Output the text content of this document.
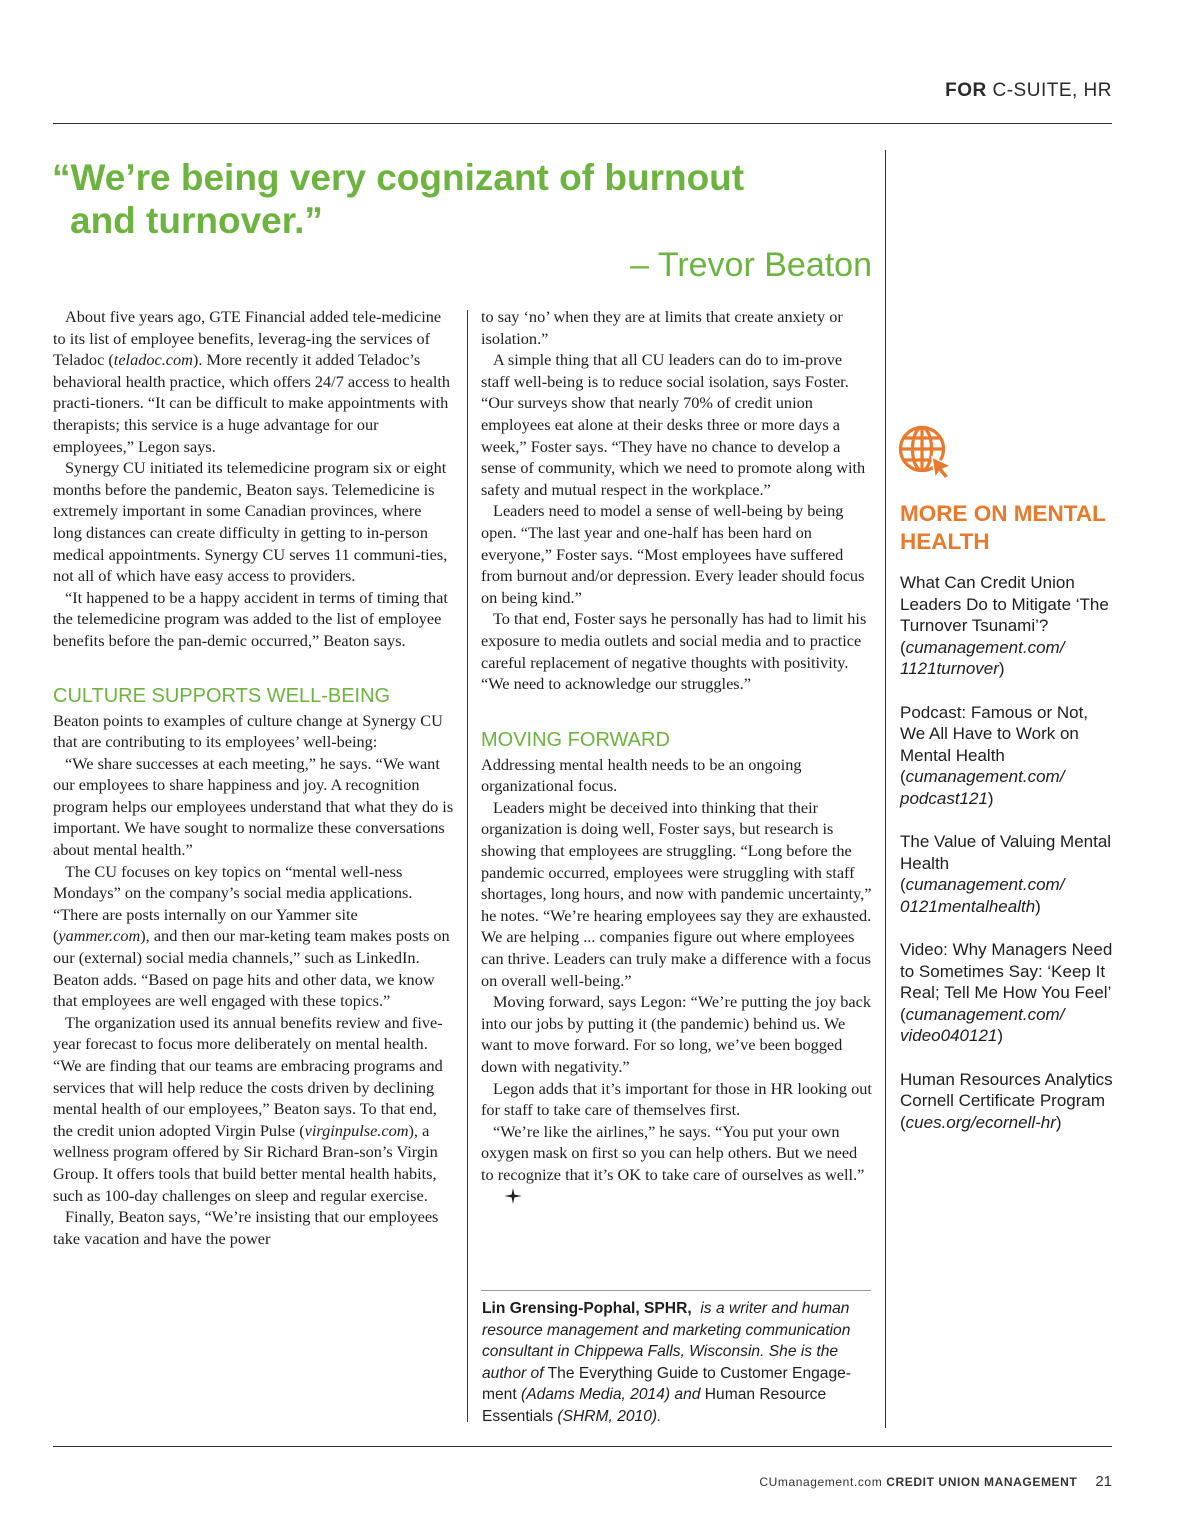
FOR C-SUITE, HR
“We’re being very cognizant of burnout
and turnover.”
– Trevor Beaton

About five years ago, GTE Financial added tele-medicine to its list of employee benefits, leverag-ing the services of Teladoc (teladoc.com). More recently it added Teladoc’s behavioral health practice, which offers 24/7 access to health practi-tioners. “It can be difficult to make appointments with therapists; this service is a huge advantage for our employees,” Legon says.

Synergy CU initiated its telemedicine program six or eight months before the pandemic, Beaton says. Telemedicine is extremely important in some Canadian provinces, where long distances can create difficulty in getting to in-person medical appointments. Synergy CU serves 11 communi-ties, not all of which have easy access to providers.

“It happened to be a happy accident in terms of timing that the telemedicine program was added to the list of employee benefits before the pan-demic occurred,” Beaton says.

CULTURE SUPPORTS WELL-BEING

Beaton points to examples of culture change at Synergy CU that are contributing to its employees’ well-being:

“We share successes at each meeting,” he says. “We want our employees to share happiness and joy. A recognition program helps our employees understand that what they do is important. We have sought to normalize these conversations about mental health.”

The CU focuses on key topics on “mental well-ness Mondays” on the company’s social media applications. “There are posts internally on our Yammer site (yammer.com), and then our mar-keting team makes posts on our (external) social media channels,” such as LinkedIn. Beaton adds. “Based on page hits and other data, we know that employees are well engaged with these topics.”

The organization used its annual benefits review and five-year forecast to focus more deliberately on mental health. “We are finding that our teams are embracing programs and services that will help reduce the costs driven by declining mental health of our employees,” Beaton says. To that end, the credit union adopted Virgin Pulse (virginpulse.com), a wellness program offered by Sir Richard Bran-son’s Virgin Group. It offers tools that build better mental health habits, such as 100-day challenges on sleep and regular exercise.

Finally, Beaton says, “We’re insisting that our employees take vacation and have the power

to say ‘no’ when they are at limits that create anxiety or isolation.”

A simple thing that all CU leaders can do to im-prove staff well-being is to reduce social isolation, says Foster. “Our surveys show that nearly 70% of credit union employees eat alone at their desks three or more days a week,” Foster says. “They have no chance to develop a sense of community, which we need to promote along with safety and mutual respect in the workplace.”

Leaders need to model a sense of well-being by being open. “The last year and one-half has been hard on everyone,” Foster says. “Most employees have suffered from burnout and/or depression. Every leader should focus on being kind.”

To that end, Foster says he personally has had to limit his exposure to media outlets and social media and to practice careful replacement of negative thoughts with positivity. “We need to acknowledge our struggles.”

MOVING FORWARD

Addressing mental health needs to be an ongoing organizational focus.

Leaders might be deceived into thinking that their organization is doing well, Foster says, but research is showing that employees are struggling. “Long before the pandemic occurred, employees were struggling with staff shortages, long hours, and now with pandemic uncertainty,” he notes. “We’re hearing employees say they are exhausted. We are helping ... companies figure out where employees can thrive. Leaders can truly make a difference with a focus on overall well-being.”

Moving forward, says Legon: “We’re putting the joy back into our jobs by putting it (the pandemic) behind us. We want to move forward. For so long, we’ve been bogged down with negativity.”

Legon adds that it’s important for those in HR looking out for staff to take care of themselves first.

“We’re like the airlines,” he says. “You put your own oxygen mask on first so you can help others. But we need to recognize that it’s OK to take care of ourselves as well.”

Lin Grensing-Pophal, SPHR, is a writer and human resource management and marketing communication consultant in Chippewa Falls, Wisconsin. She is the author of The Everything Guide to Customer Engage-ment (Adams Media, 2014) and Human Resource Essentials (SHRM, 2010).
MORE ON MENTAL HEALTH
What Can Credit Union Leaders Do to Mitigate ‘The Turnover Tsunami’?
(cumanagement.com/ 1121turnover)
Podcast: Famous or Not, We All Have to Work on Mental Health
(cumanagement.com/ podcast121)
The Value of Valuing Mental Health
(cumanagement.com/ 0121mentalhealth)
Video: Why Managers Need to Sometimes Say: ‘Keep It Real; Tell Me How You Feel’
(cumanagement.com/ video040121)
Human Resources Analytics Cornell Certificate Program
(cues.org/ecornell-hr)
CUmanagement.com CREDIT UNION MANAGEMENT 21
